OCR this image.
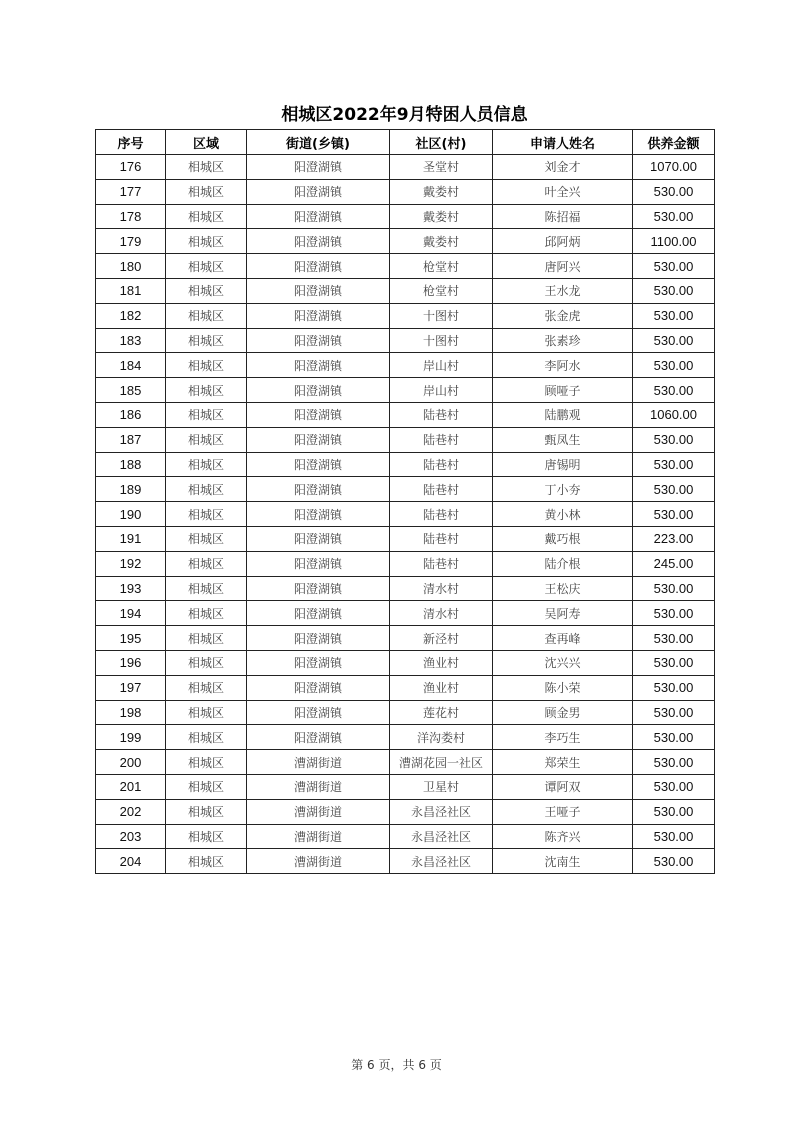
相城区2022年9月特困人员信息
序号	区域	街道(乡镇)	社区(村)	申请人姓名	供养金额
176	相城区	阳澄湖镇	圣堂村	刘金才	1070.00
177	相城区	阳澄湖镇	戴娄村	叶全兴	530.00
178	相城区	阳澄湖镇	戴娄村	陈招福	530.00
179	相城区	阳澄湖镇	戴娄村	邱阿炳	1100.00
180	相城区	阳澄湖镇	枪堂村	唐阿兴	530.00
181	相城区	阳澄湖镇	枪堂村	王水龙	530.00
182	相城区	阳澄湖镇	十图村	张金虎	530.00
183	相城区	阳澄湖镇	十图村	张素珍	530.00
184	相城区	阳澄湖镇	岸山村	李阿水	530.00
185	相城区	阳澄湖镇	岸山村	顾哑子	530.00
186	相城区	阳澄湖镇	陆巷村	陆鹏观	1060.00
187	相城区	阳澄湖镇	陆巷村	甄凤生	530.00
188	相城区	阳澄湖镇	陆巷村	唐锡明	530.00
189	相城区	阳澄湖镇	陆巷村	丁小夯	530.00
190	相城区	阳澄湖镇	陆巷村	黄小林	530.00
191	相城区	阳澄湖镇	陆巷村	戴巧根	223.00
192	相城区	阳澄湖镇	陆巷村	陆介根	245.00
193	相城区	阳澄湖镇	清水村	王松庆	530.00
194	相城区	阳澄湖镇	清水村	吴阿寿	530.00
195	相城区	阳澄湖镇	新泾村	查再峰	530.00
196	相城区	阳澄湖镇	渔业村	沈兴兴	530.00
197	相城区	阳澄湖镇	渔业村	陈小荣	530.00
198	相城区	阳澄湖镇	莲花村	顾金男	530.00
199	相城区	阳澄湖镇	洋沟娄村	李巧生	530.00
200	相城区	漕湖街道	漕湖花园一社区	郑荣生	530.00
201	相城区	漕湖街道	卫星村	谭阿双	530.00
202	相城区	漕湖街道	永昌泾社区	王哑子	530.00
203	相城区	漕湖街道	永昌泾社区	陈齐兴	530.00
204	相城区	漕湖街道	永昌泾社区	沈南生	530.00
第 6 页，共 6 页
